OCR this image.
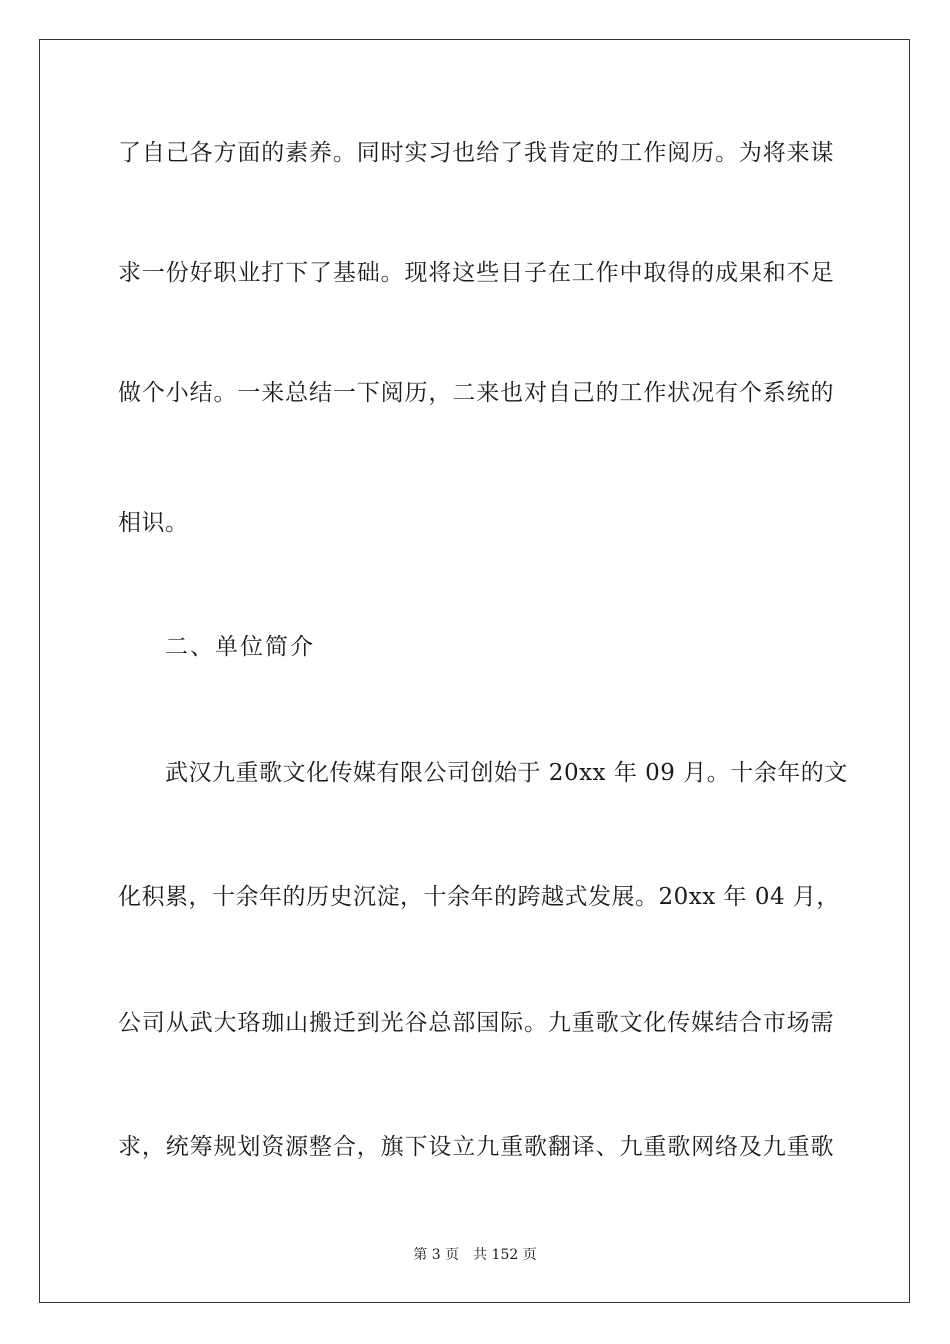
了自己各方面的素养。同时实习也给了我肯定的工作阅历。为将来谋
求一份好职业打下了基础。现将这些日子在工作中取得的成果和不足
做个小结。一来总结一下阅历，二来也对自己的工作状况有个系统的
相识。
二、单位简介
武汉九重歌文化传媒有限公司创始于 20xx 年 09 月。十余年的文
化积累，十余年的历史沉淀，十余年的跨越式发展。20xx 年 04 月，
公司从武大珞珈山搬迁到光谷总部国际。九重歌文化传媒结合市场需
求，统筹规划资源整合，旗下设立九重歌翻译、九重歌网络及九重歌
第 3 页 共 152 页
